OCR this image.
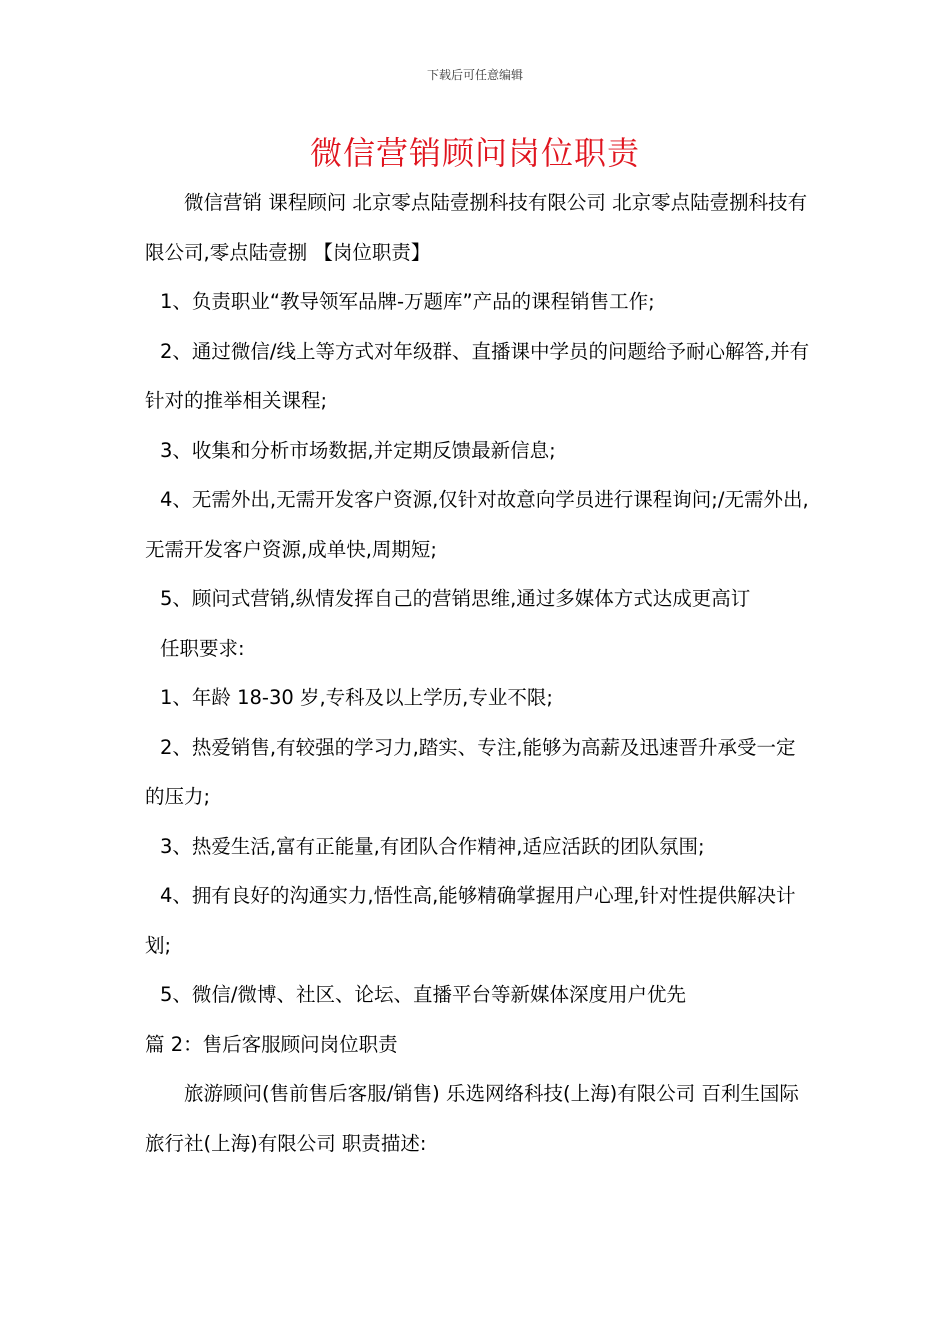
下载后可任意编辑
微信营销顾问岗位职责

微信营销 课程顾问 北京零点陆壹捌科技有限公司 北京零点陆壹捌科技有限公司,零点陆壹捌 【岗位职责】

1、负责职业“教导领军品牌-万题库”产品的课程销售工作;

2、通过微信/线上等方式对年级群、直播课中学员的问题给予耐心解答,并有针对的推举相关课程;

3、收集和分析市场数据,并定期反馈最新信息;

4、无需外出,无需开发客户资源,仅针对故意向学员进行课程询问;/无需外出,无需开发客户资源,成单快,周期短;

5、顾问式营销,纵情发挥自己的营销思维,通过多媒体方式达成更高订

任职要求:

1、年龄 18-30 岁,专科及以上学历,专业不限;

2、热爱销售,有较强的学习力,踏实、专注,能够为高薪及迅速晋升承受一定的压力;

3、热爱生活,富有正能量,有团队合作精神,适应活跃的团队氛围;

4、拥有良好的沟通实力,悟性高,能够精确掌握用户心理,针对性提供解决计划;

5、微信/微博、社区、论坛、直播平台等新媒体深度用户优先

篇 2：售后客服顾问岗位职责

旅游顾问(售前售后客服/销售) 乐选网络科技(上海)有限公司 百利生国际旅行社(上海)有限公司 职责描述:
